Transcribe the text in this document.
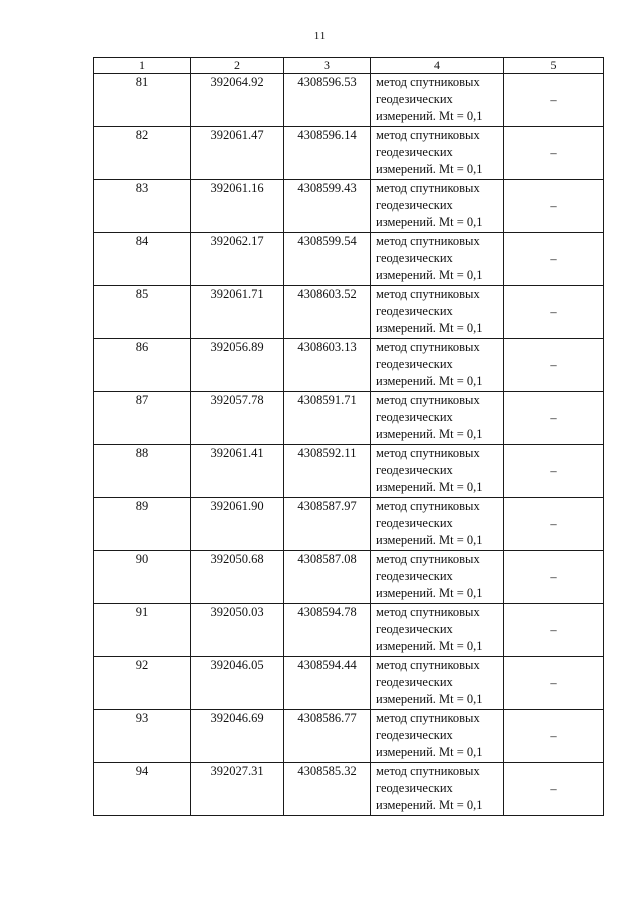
11
1	2	3	4	5
81	392064.92	4308596.53	метод спутниковых
геодезических
измерений. Mt = 0,1	–
82	392061.47	4308596.14	метод спутниковых
геодезических
измерений. Mt = 0,1	–
83	392061.16	4308599.43	метод спутниковых
геодезических
измерений. Mt = 0,1	–
84	392062.17	4308599.54	метод спутниковых
геодезических
измерений. Mt = 0,1	–
85	392061.71	4308603.52	метод спутниковых
геодезических
измерений. Mt = 0,1	–
86	392056.89	4308603.13	метод спутниковых
геодезических
измерений. Mt = 0,1	–
87	392057.78	4308591.71	метод спутниковых
геодезических
измерений. Mt = 0,1	–
88	392061.41	4308592.11	метод спутниковых
геодезических
измерений. Mt = 0,1	–
89	392061.90	4308587.97	метод спутниковых
геодезических
измерений. Mt = 0,1	–
90	392050.68	4308587.08	метод спутниковых
геодезических
измерений. Mt = 0,1	–
91	392050.03	4308594.78	метод спутниковых
геодезических
измерений. Mt = 0,1	–
92	392046.05	4308594.44	метод спутниковых
геодезических
измерений. Mt = 0,1	–
93	392046.69	4308586.77	метод спутниковых
геодезических
измерений. Mt = 0,1	–
94	392027.31	4308585.32	метод спутниковых
геодезических
измерений. Mt = 0,1	–
